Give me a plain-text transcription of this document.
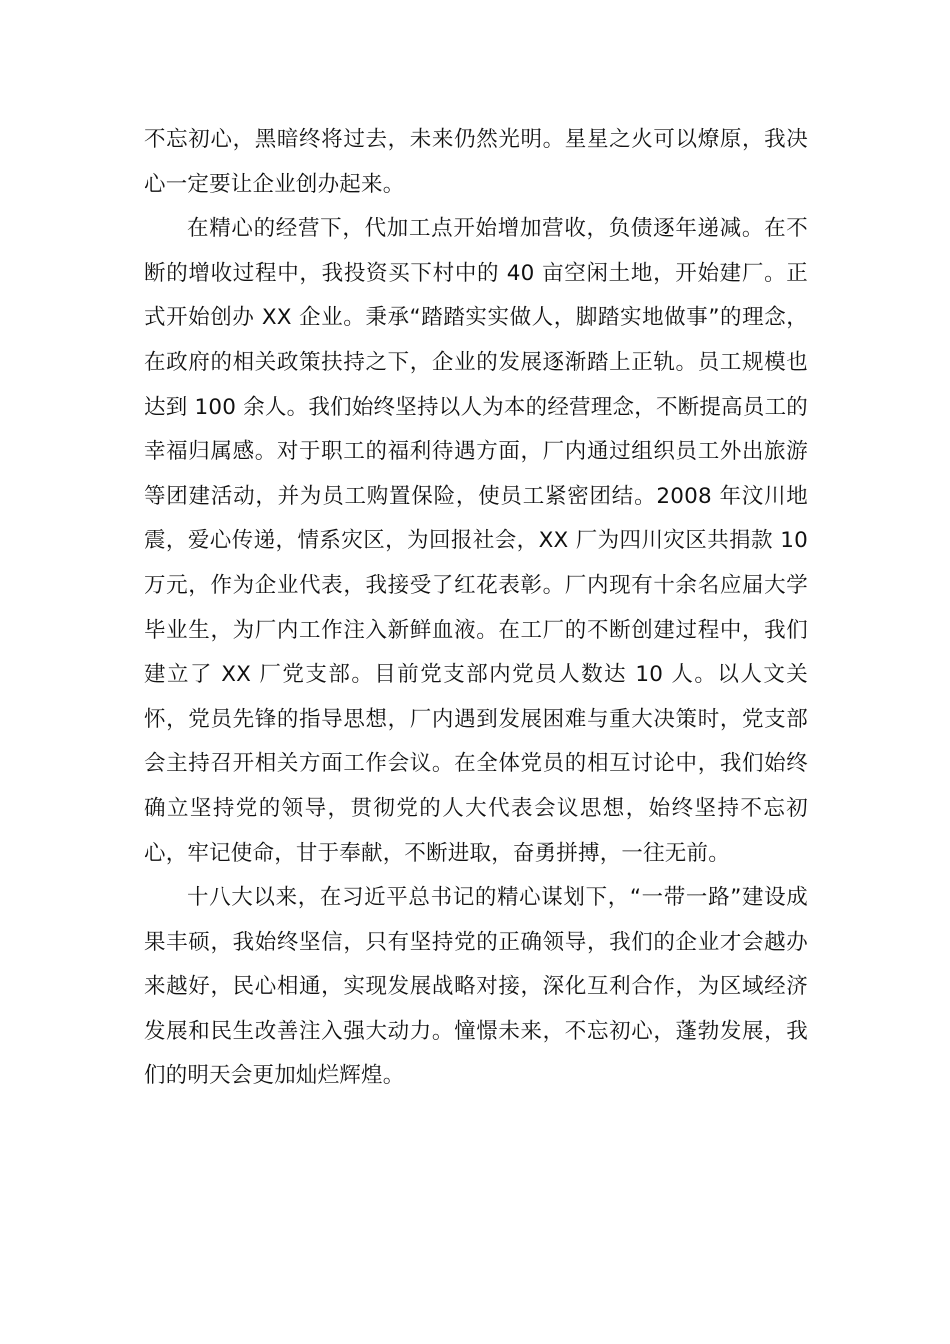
不忘初心，黑暗终将过去，未来仍然光明。星星之火可以燎原，我决心一定要让企业创办起来。

在精心的经营下，代加工点开始增加营收，负债逐年递减。在不断的增收过程中，我投资买下村中的 40 亩空闲土地，开始建厂。正式开始创办 XX 企业。秉承“踏踏实实做人，脚踏实地做事”的理念，在政府的相关政策扶持之下，企业的发展逐渐踏上正轨。员工规模也达到 100 余人。我们始终坚持以人为本的经营理念，不断提高员工的幸福归属感。对于职工的福利待遇方面，厂内通过组织员工外出旅游等团建活动，并为员工购置保险，使员工紧密团结。2008 年汶川地震，爱心传递，情系灾区，为回报社会，XX 厂为四川灾区共捐款 10 万元，作为企业代表，我接受了红花表彰。厂内现有十余名应届大学毕业生，为厂内工作注入新鲜血液。在工厂的不断创建过程中，我们建立了 XX 厂党支部。目前党支部内党员人数达 10 人。以人文关怀，党员先锋的指导思想，厂内遇到发展困难与重大决策时，党支部会主持召开相关方面工作会议。在全体党员的相互讨论中，我们始终确立坚持党的领导，贯彻党的人大代表会议思想，始终坚持不忘初心，牢记使命，甘于奉献，不断进取，奋勇拼搏，一往无前。

十八大以来，在习近平总书记的精心谋划下，“一带一路”建设成果丰硕，我始终坚信，只有坚持党的正确领导，我们的企业才会越办来越好，民心相通，实现发展战略对接，深化互利合作，为区域经济发展和民生改善注入强大动力。憧憬未来，不忘初心，蓬勃发展，我们的明天会更加灿烂辉煌。
